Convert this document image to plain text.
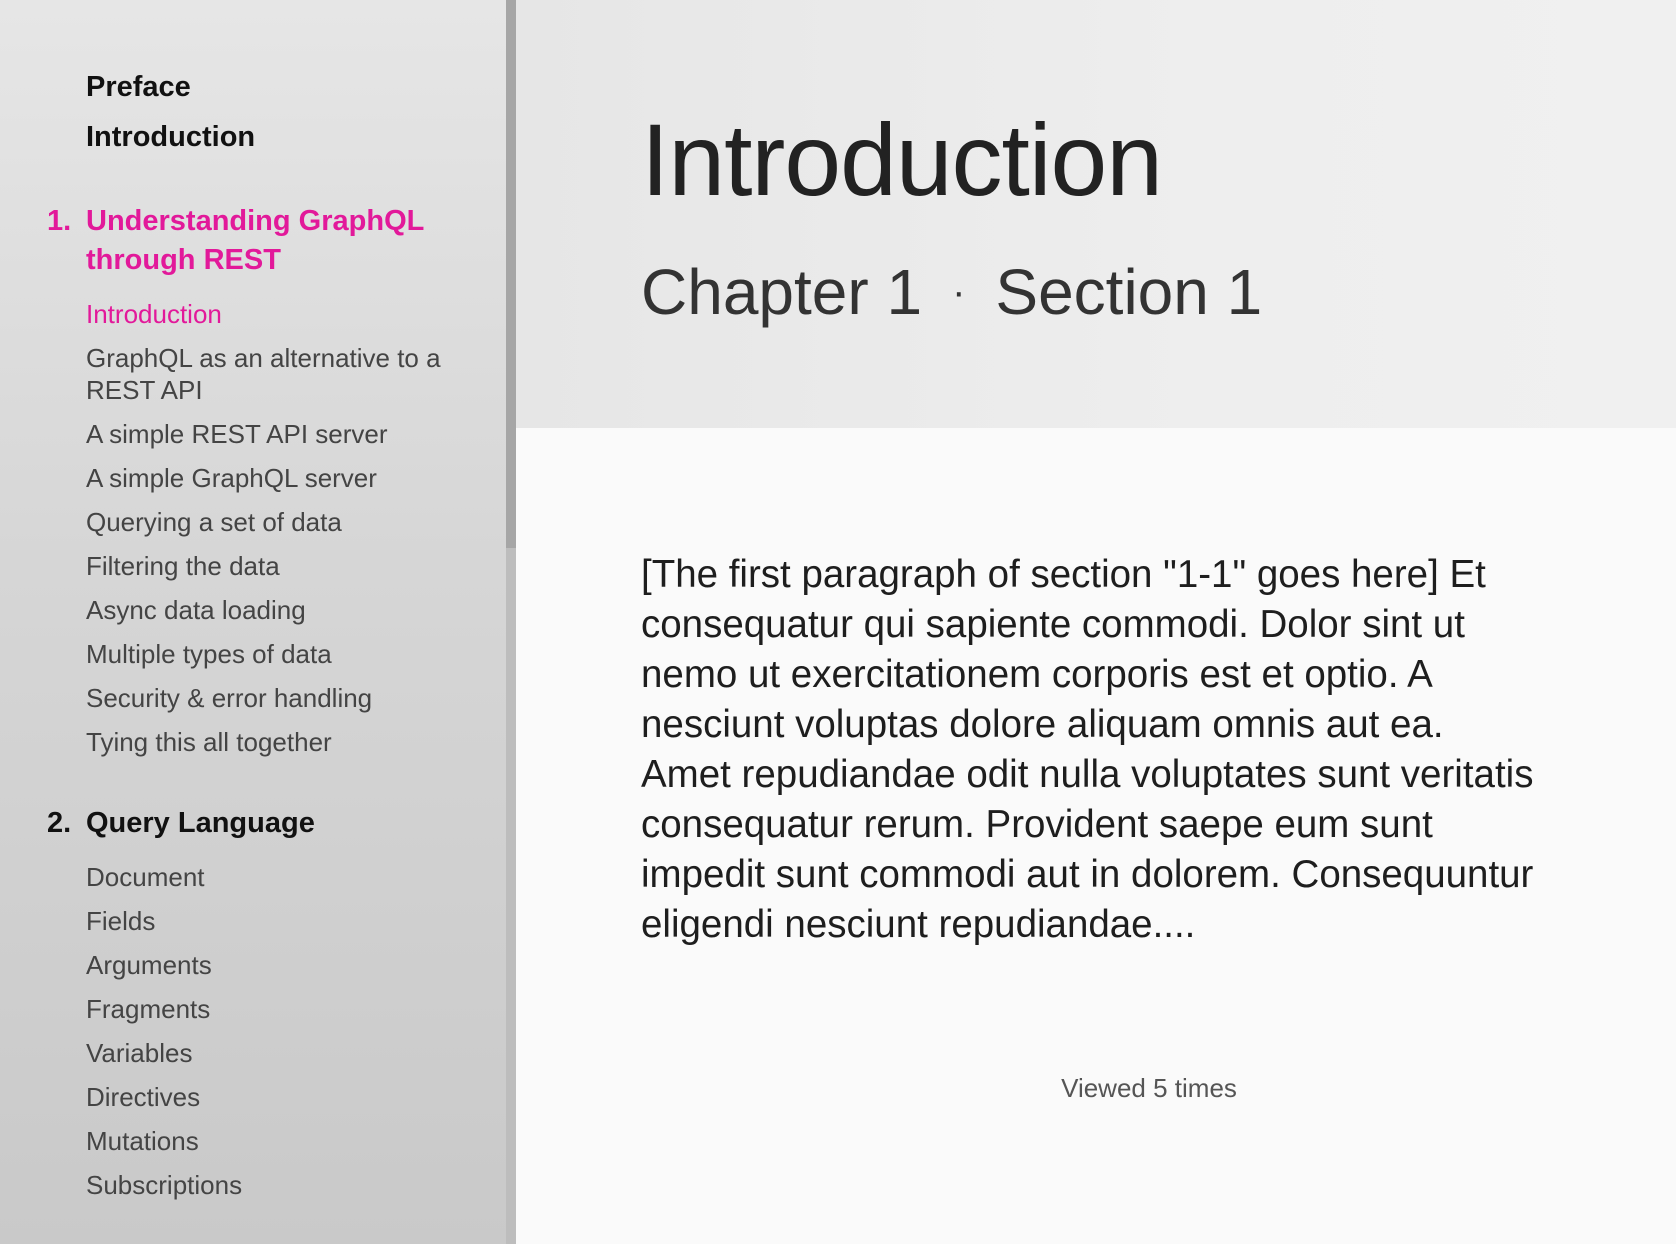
Preface
Introduction
1. Understanding GraphQL through REST
Introduction
GraphQL as an alternative to a REST API
A simple REST API server
A simple GraphQL server
Querying a set of data
Filtering the data
Async data loading
Multiple types of data
Security & error handling
Tying this all together
2. Query Language
Document
Fields
Arguments
Fragments
Variables
Directives
Mutations
Subscriptions
Introduction
Chapter 1 · Section 1

[The first paragraph of section "1-1" goes here] Et consequatur qui sapiente commodi. Dolor sint ut nemo ut exercitationem corporis est et optio. A nesciunt voluptas dolore aliquam omnis aut ea. Amet repudiandae odit nulla voluptates sunt veritatis consequatur rerum. Provident saepe eum sunt impedit sunt commodi aut in dolorem. Consequuntur eligendi nesciunt repudiandae....

Viewed 5 times
